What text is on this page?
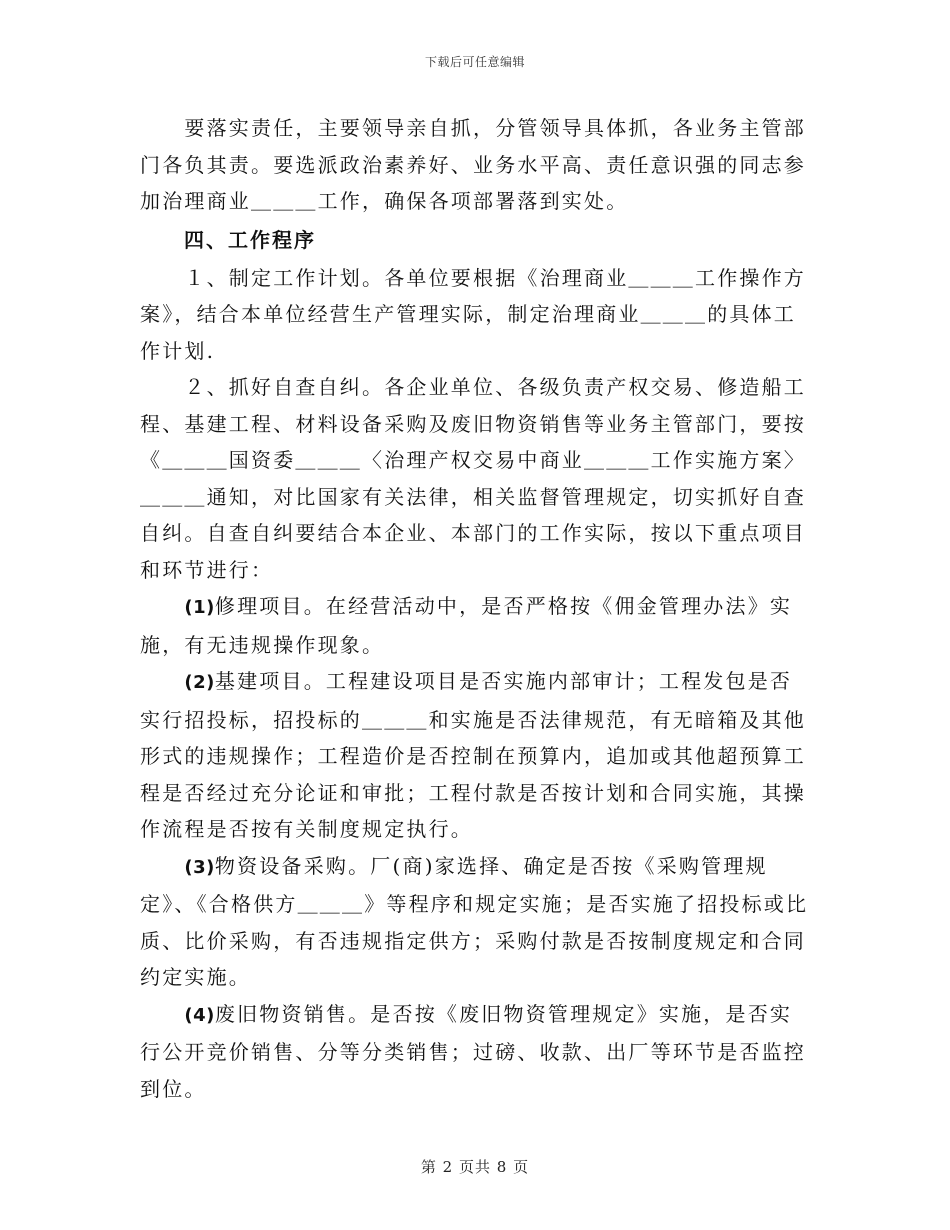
下载后可任意编辑

　　要落实责任，主要领导亲自抓，分管领导具体抓，各业务主管部门各负其责。要选派政治素养好、业务水平高、责任意识强的同志参加治理商业＿＿＿工作，确保各项部署落到实处。

　　四、工作程序

　　１、制定工作计划。各单位要根据《治理商业＿＿＿工作操作方案》，结合本单位经营生产管理实际，制定治理商业＿＿＿的具体工作计划.

　　２、抓好自查自纠。各企业单位、各级负责产权交易、修造船工程、基建工程、材料设备采购及废旧物资销售等业务主管部门，要按《＿＿＿国资委＿＿＿〈治理产权交易中商业＿＿＿工作实施方案〉＿＿＿通知，对比国家有关法律，相关监督管理规定，切实抓好自查自纠。自查自纠要结合本企业、本部门的工作实际，按以下重点项目和环节进行：

　　(1)修理项目。在经营活动中，是否严格按《佣金管理办法》实施，有无违规操作现象。

　　(2)基建项目。工程建设项目是否实施内部审计；工程发包是否实行招投标，招投标的＿＿＿和实施是否法律规范，有无暗箱及其他形式的违规操作；工程造价是否控制在预算内，追加或其他超预算工程是否经过充分论证和审批；工程付款是否按计划和合同实施，其操作流程是否按有关制度规定执行。

　　(3)物资设备采购。厂(商)家选择、确定是否按《采购管理规定》、《合格供方＿＿＿》等程序和规定实施；是否实施了招投标或比质、比价采购，有否违规指定供方；采购付款是否按制度规定和合同约定实施。

　　(4)废旧物资销售。是否按《废旧物资管理规定》实施，是否实行公开竞价销售、分等分类销售；过磅、收款、出厂等环节是否监控到位。

第 2 页共 8 页
